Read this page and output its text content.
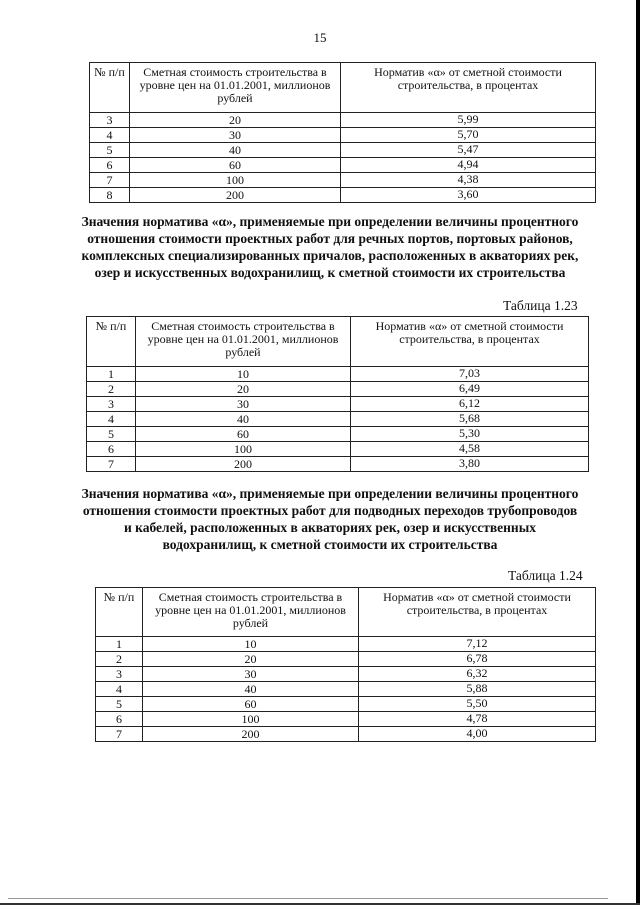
15
№ п/п	Сметная стоимость строительства в уровне цен на 01.01.2001, миллионов рублей	Норматив «α» от сметной стоимости строительства, в процентах
3	20	5,99
4	30	5,70
5	40	5,47
6	60	4,94
7	100	4,38
8	200	3,60
Значения норматива «α», применяемые при определении величины процентного отношения стоимости проектных работ для речных портов, портовых районов, комплексных специализированных причалов, расположенных в акваториях рек, озер и искусственных водохранилищ, к сметной стоимости их строительства
Таблица 1.23
№ п/п	Сметная стоимость строительства в уровне цен на 01.01.2001, миллионов рублей	Норматив «α» от сметной стоимости строительства, в процентах
1	10	7,03
2	20	6,49
3	30	6,12
4	40	5,68
5	60	5,30
6	100	4,58
7	200	3,80
Значения норматива «α», применяемые при определении величины процентного отношения стоимости проектных работ для подводных переходов трубопроводов и кабелей, расположенных в акваториях рек, озер и искусственных водохранилищ, к сметной стоимости их строительства
Таблица 1.24
№ п/п	Сметная стоимость строительства в уровне цен на 01.01.2001, миллионов рублей	Норматив «α» от сметной стоимости строительства, в процентах
1	10	7,12
2	20	6,78
3	30	6,32
4	40	5,88
5	60	5,50
6	100	4,78
7	200	4,00
